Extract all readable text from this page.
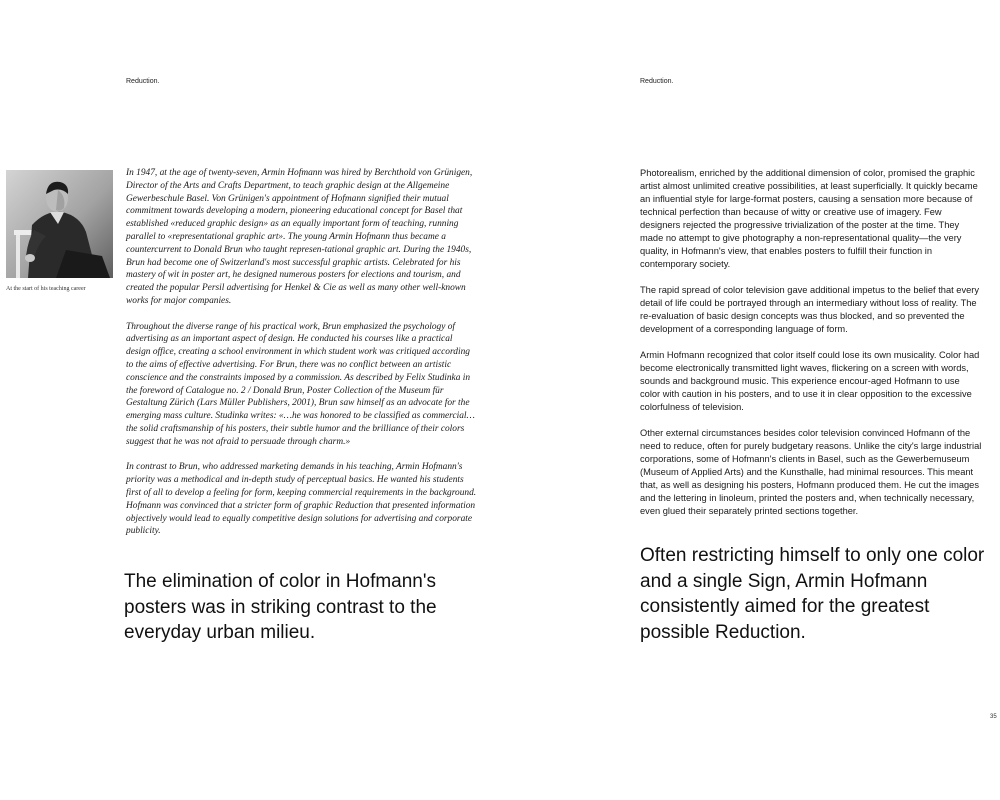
Reduction.

At the start of his teaching career

In 1947, at the age of twenty-seven, Armin Hofmann was hired by Berchthold von Grünigen, Director of the Arts and Crafts Department, to teach graphic design at the Allgemeine Gewerbeschule Basel. Von Grünigen's appointment of Hofmann signified their mutual commitment towards developing a modern, pioneering educational concept for Basel that established «reduced graphic design» as an equally important form of teaching, running parallel to «representational graphic art». The young Armin Hofmann thus became a countercurrent to Donald Brun who taught represen-tational graphic art. During the 1940s, Brun had become one of Switzerland's most successful graphic artists. Celebrated for his mastery of wit in poster art, he designed numerous posters for elections and tourism, and created the popular Persil advertising for Henkel & Cie as well as many other well-known works for major companies.

Throughout the diverse range of his practical work, Brun emphasized the psychology of advertising as an important aspect of design. He conducted his courses like a practical design office, creating a school environment in which student work was critiqued according to the aims of effective advertising. For Brun, there was no conflict between an artistic conscience and the constraints imposed by a commission. As described by Felix Studinka in the foreword of Catalogue no. 2 / Donald Brun, Poster Collection of the Museum für Gestaltung Zürich (Lars Müller Publishers, 2001), Brun saw himself as an advocate for the emerging mass culture. Studinka writes: «…he was honored to be classified as commercial…the solid craftsmanship of his posters, their subtle humor and the brilliance of their colors suggest that he was not afraid to persuade through charm.»

In contrast to Brun, who addressed marketing demands in his teaching, Armin Hofmann's priority was a methodical and in-depth study of perceptual basics. He wanted his students first of all to develop a feeling for form, keeping commercial requirements in the background. Hofmann was convinced that a stricter form of graphic Reduction that presented information objectively would lead to equally competitive design solutions for advertising and corporate publicity.

The elimination of color in Hofmann's posters was in striking contrast to the everyday urban milieu.

Reduction.

Photorealism, enriched by the additional dimension of color, promised the graphic artist almost unlimited creative possibilities, at least superficially. It quickly became an influential style for large-format posters, causing a sensation more because of technical perfection than because of witty or creative use of imagery. Few designers rejected the progressive trivialization of the poster at the time. They made no attempt to give photography a non-representational quality—the very quality, in Hofmann's view, that enables posters to fulfill their function in contemporary society.

The rapid spread of color television gave additional impetus to the belief that every detail of life could be portrayed through an intermediary without loss of reality. The re-evaluation of basic design concepts was thus blocked, and so prevented the development of a corresponding language of form.

Armin Hofmann recognized that color itself could lose its own musicality. Color had become electronically transmitted light waves, flickering on a screen with words, sounds and background music. This experience encour-aged Hofmann to use color with caution in his posters, and to use it in clear opposition to the excessive colorfulness of television.

Other external circumstances besides color television convinced Hofmann of the need to reduce, often for purely budgetary reasons. Unlike the city's large industrial corporations, some of Hofmann's clients in Basel, such as the Gewerbemuseum (Museum of Applied Arts) and the Kunsthalle, had minimal resources. This meant that, as well as designing his posters, Hofmann produced them. He cut the images and the lettering in linoleum, printed the posters and, when technically necessary, even glued their separately printed sections together.

Often restricting himself to only one color and a single Sign, Armin Hofmann consistently aimed for the greatest possible Reduction.

35
